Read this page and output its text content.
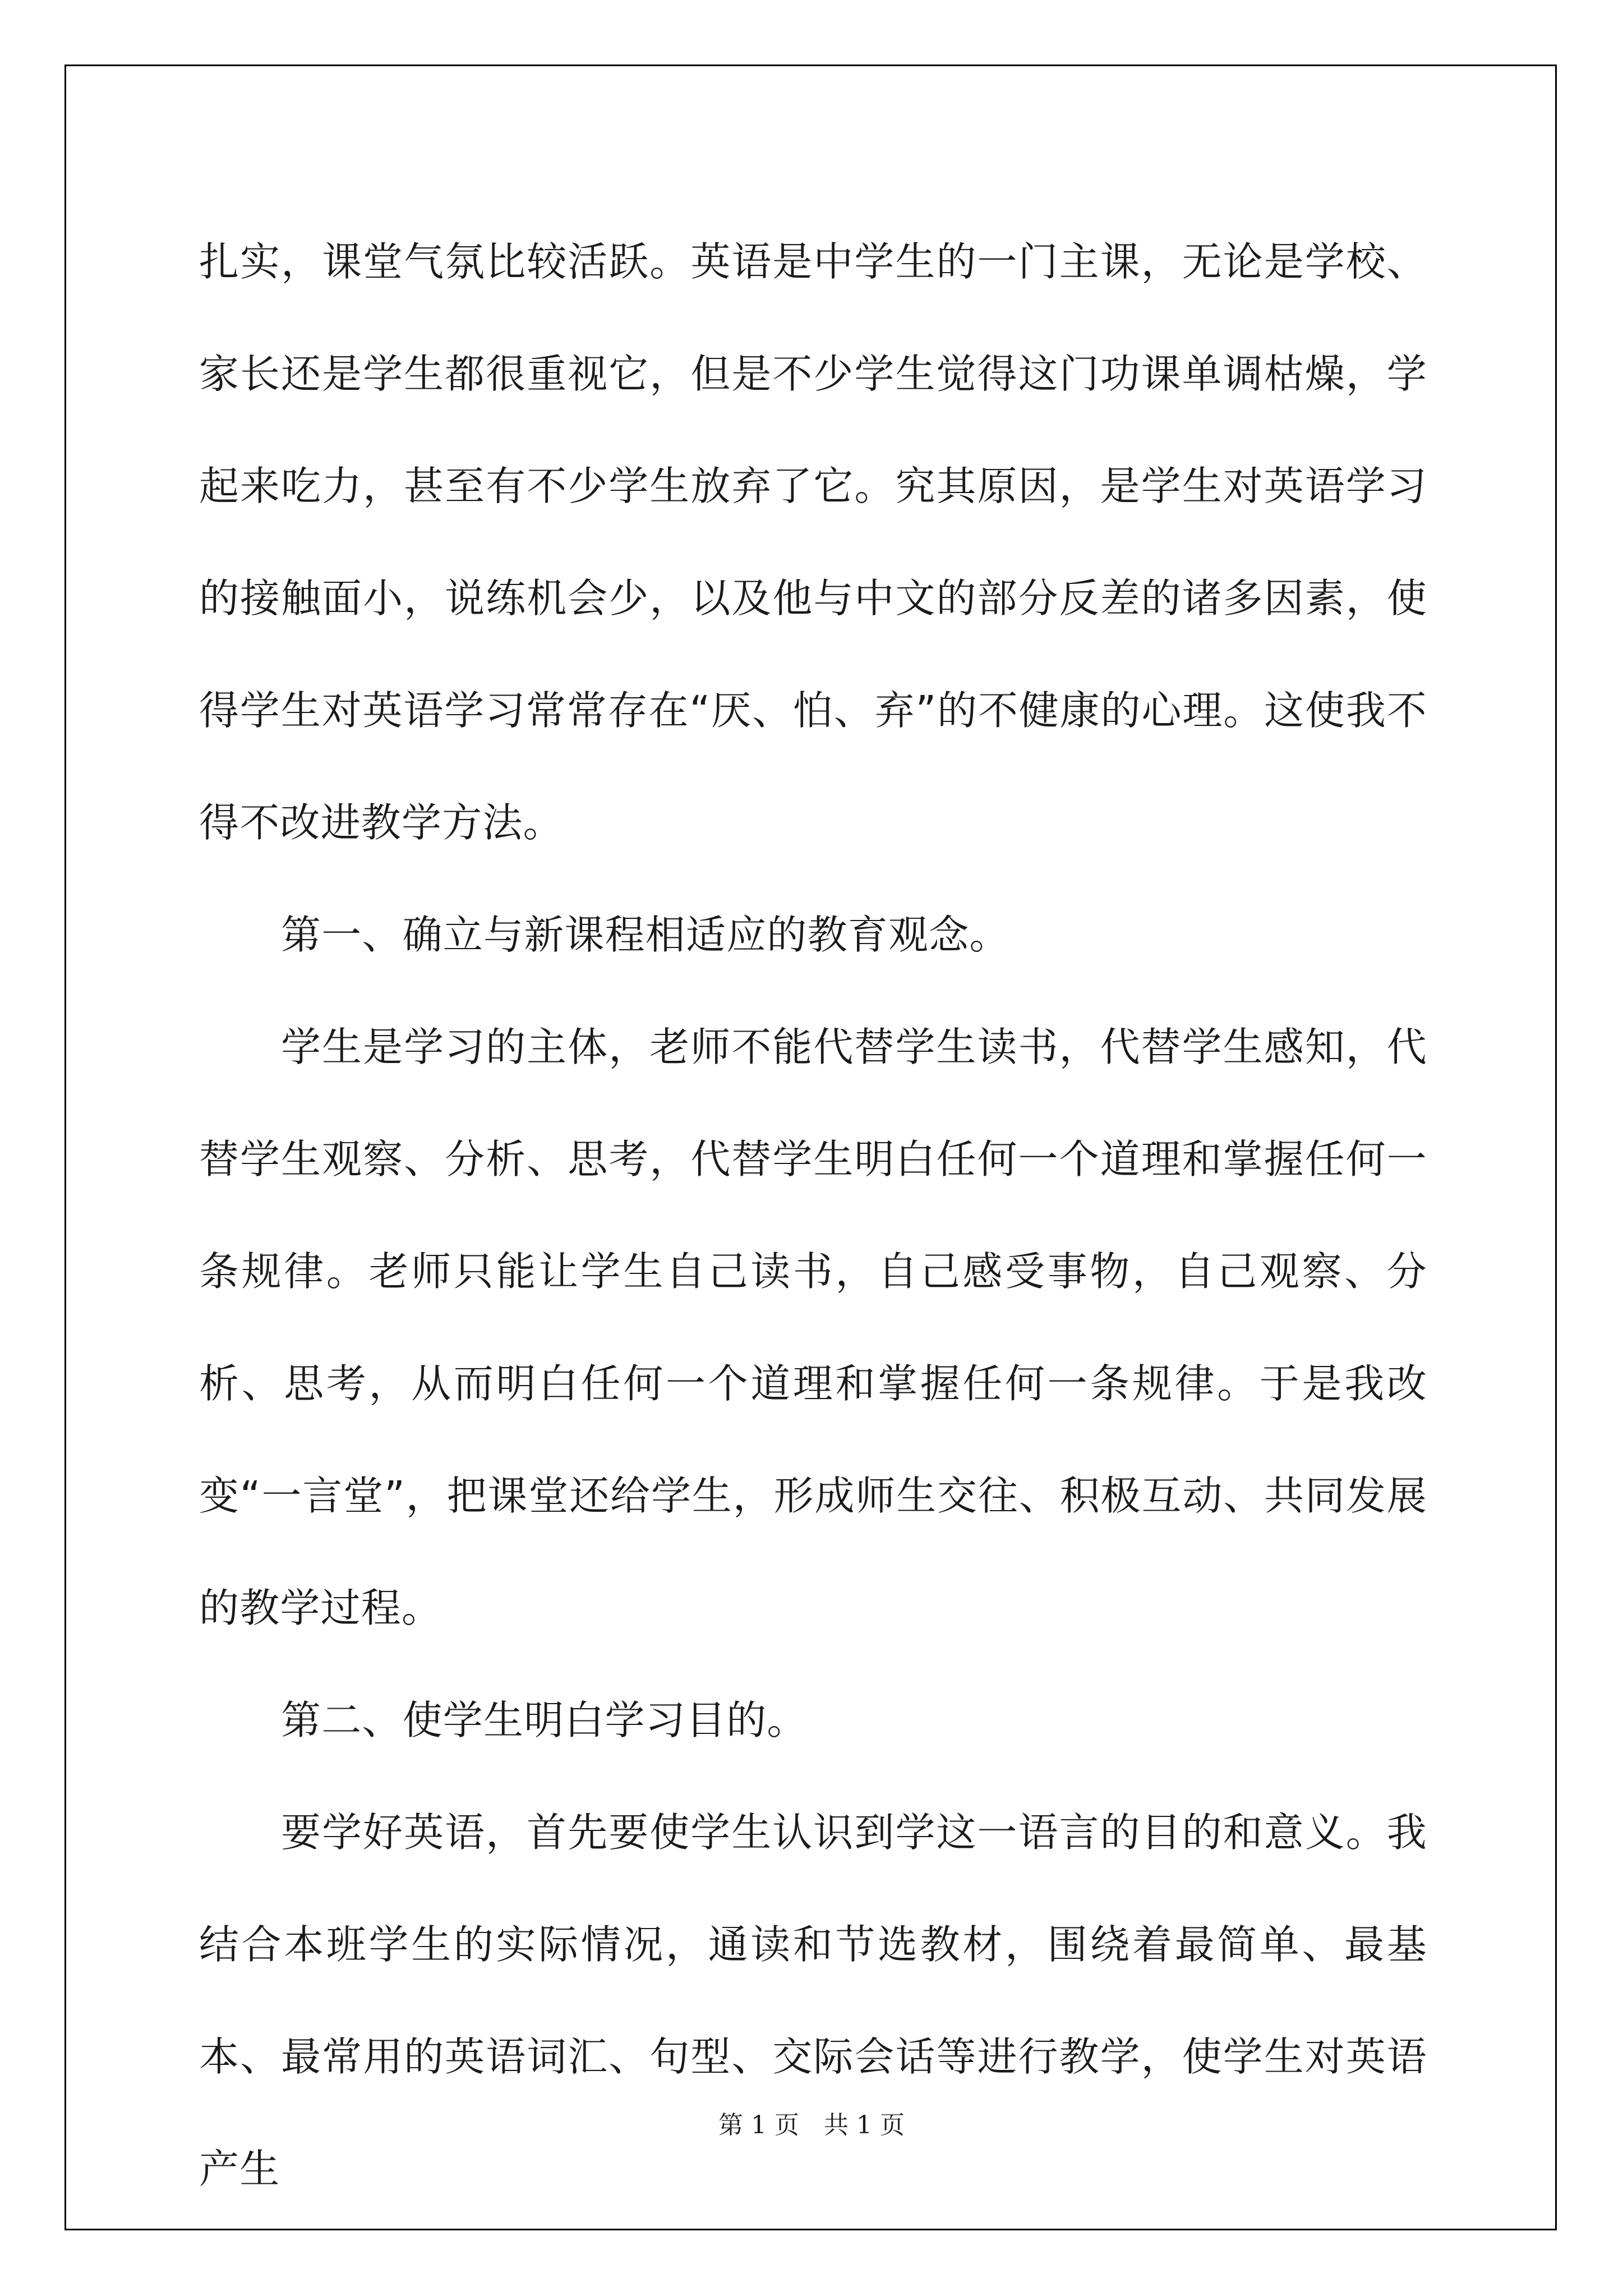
扎实，课堂气氛比较活跃。英语是中学生的一门主课，无论是学校、家长还是学生都很重视它，但是不少学生觉得这门功课单调枯燥，学起来吃力，甚至有不少学生放弃了它。究其原因，是学生对英语学习的接触面小，说练机会少，以及他与中文的部分反差的诸多因素，使得学生对英语学习常常存在“厌、怕、弃”的不健康的心理。这使我不得不改进教学方法。

第一、确立与新课程相适应的教育观念。

学生是学习的主体，老师不能代替学生读书，代替学生感知，代替学生观察、分析、思考，代替学生明白任何一个道理和掌握任何一条规律。老师只能让学生自己读书，自己感受事物，自己观察、分析、思考，从而明白任何一个道理和掌握任何一条规律。于是我改变“一言堂”，把课堂还给学生，形成师生交往、积极互动、共同发展的教学过程。

第二、使学生明白学习目的。

要学好英语，首先要使学生认识到学这一语言的目的和意义。我结合本班学生的实际情况，通读和节选教材，围绕着最简单、最基本、最常用的英语词汇、句型、交际会话等进行教学，使学生对英语产生

第 1 页　共 1 页
